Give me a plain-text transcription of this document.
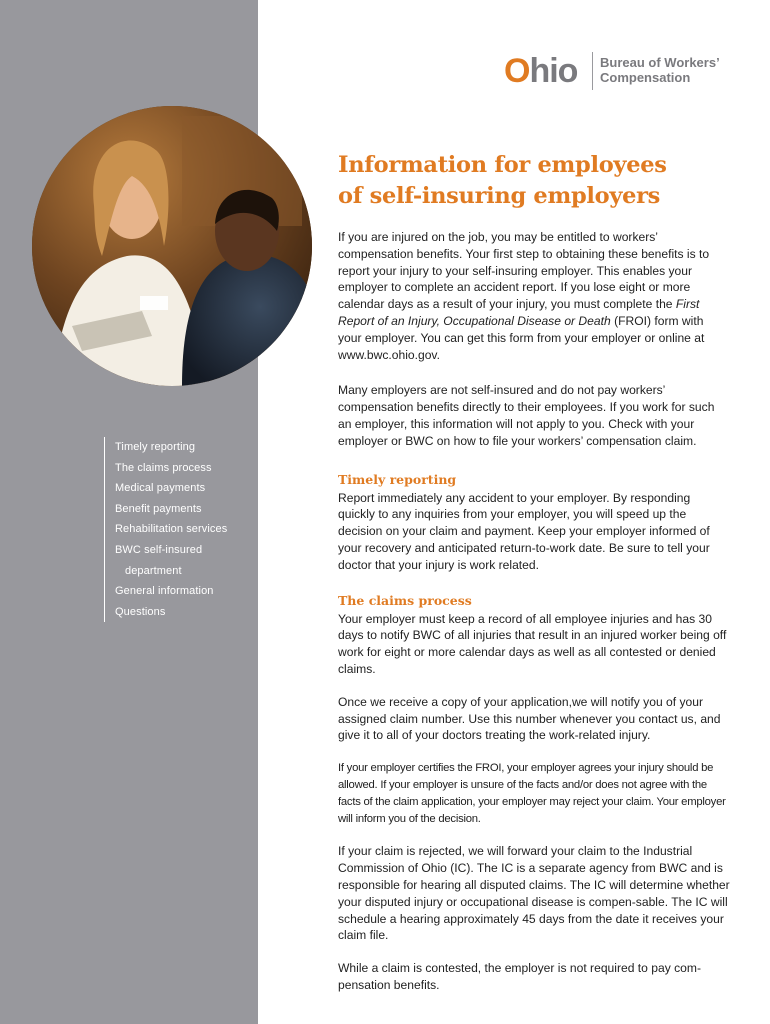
Timely reporting
The claims process
Medical payments
Benefit payments
Rehabilitation services
BWC self-insured
department
General information
Questions
Ohio Bureau of Workers’
Compensation
Information for employees
of self-insuring employers

If you are injured on the job, you may be entitled to workers’ compensation benefits. Your first step to obtaining these benefits is to report your injury to your self-insuring employer. This enables your employer to complete an accident report. If you lose eight or more calendar days as a result of your injury, you must complete the First Report of an Injury, Occupational Disease or Death (FROI) form with your employer. You can get this form from your employer or online at www.bwc.ohio.gov.

Many employers are not self-insured and do not pay workers’ compensation benefits directly to their employees. If you work for such an employer, this information will not apply to you. Check with your employer or BWC on how to file your workers’ compensation claim.

Timely reporting

Report immediately any accident to your employer. By responding quickly to any inquiries from your employer, you will speed up the decision on your claim and payment. Keep your employer informed of your recovery and anticipated return-to-work date. Be sure to tell your doctor that your injury is work related.

The claims process

Your employer must keep a record of all employee injuries and has 30 days to notify BWC of all injuries that result in an injured worker being off work for eight or more calendar days as well as all contested or denied claims.

Once we receive a copy of your application,we will notify you of your assigned claim number. Use this number whenever you contact us, and give it to all of your doctors treating the work-related injury.

If your employer certifies the FROI, your employer agrees your injury should be allowed. If your employer is unsure of the facts and/or does not agree with the facts of the claim application, your employer may reject your claim. Your employer will inform you of the decision.

If your claim is rejected, we will forward your claim to the Industrial Commission of Ohio (IC). The IC is a separate agency from BWC and is responsible for hearing all disputed claims. The IC will determine whether your disputed injury or occupational disease is compen-sable. The IC will schedule a hearing approximately 45 days from the date it receives your claim file.

While a claim is contested, the employer is not required to pay com-pensation benefits.
